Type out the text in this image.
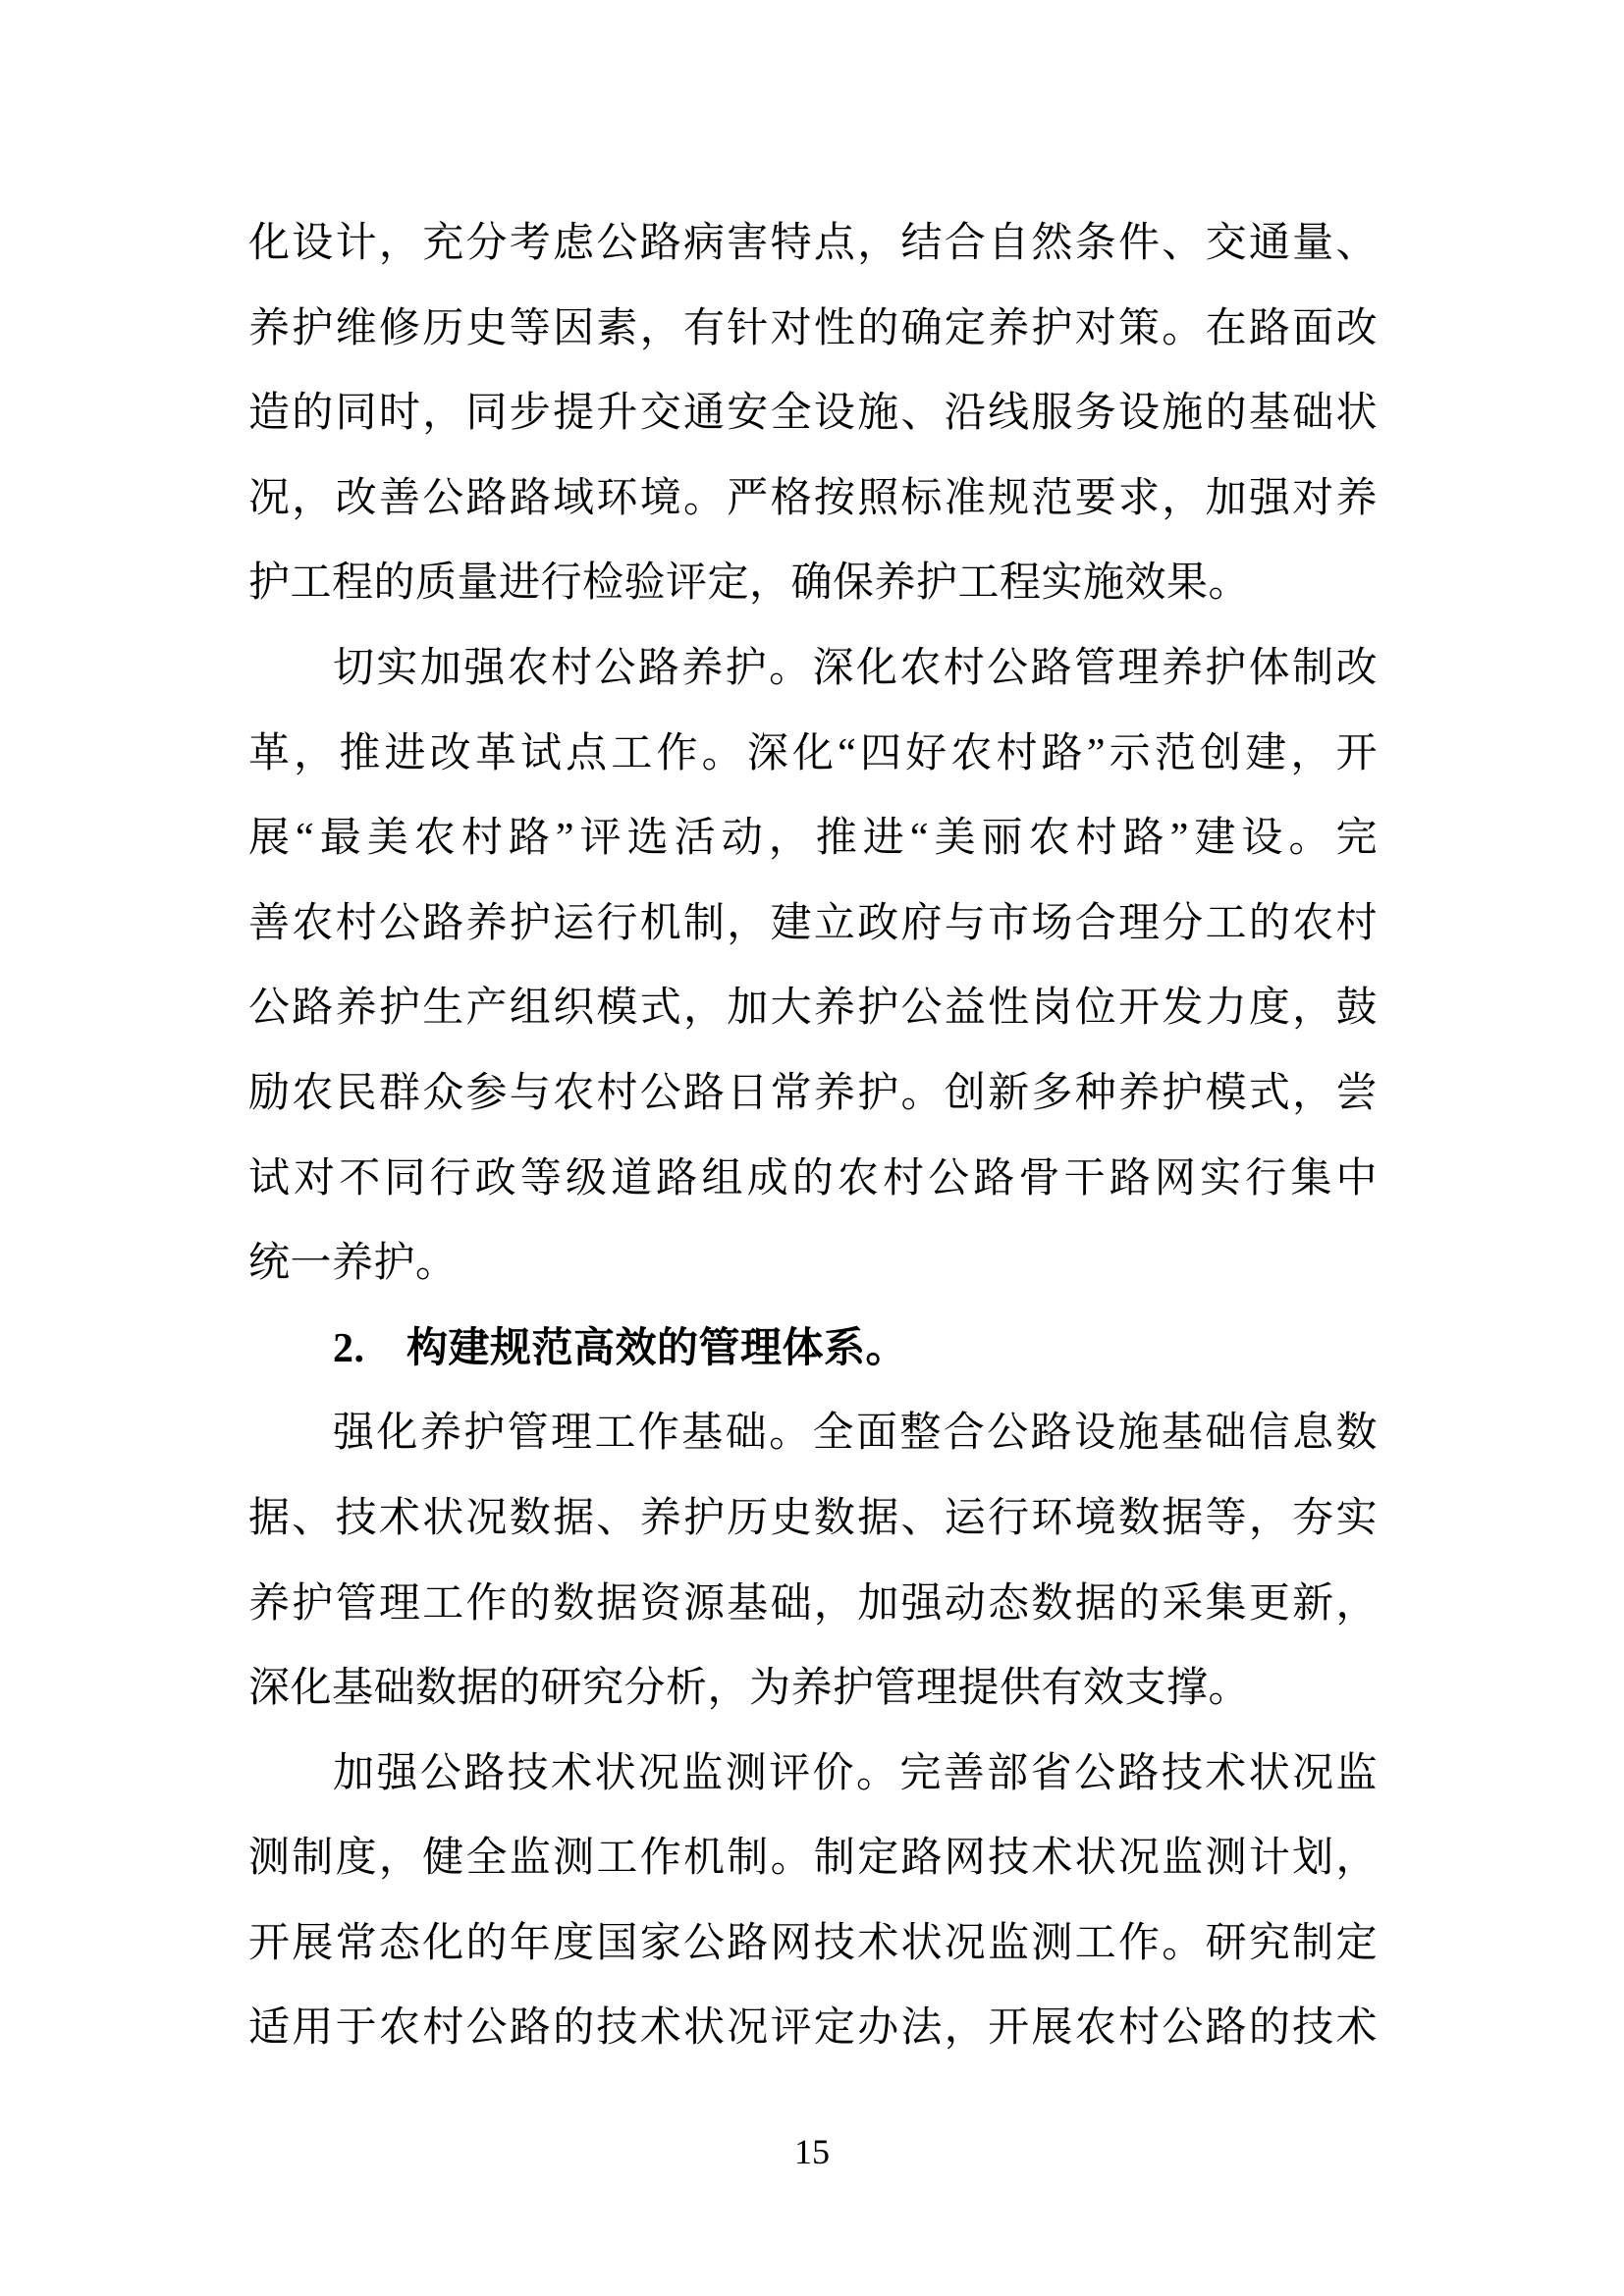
化设计，充分考虑公路病害特点，结合自然条件、交通量、
养护维修历史等因素，有针对性的确定养护对策。在路面改
造的同时，同步提升交通安全设施、沿线服务设施的基础状
况，改善公路路域环境。严格按照标准规范要求，加强对养
护工程的质量进行检验评定，确保养护工程实施效果。
切实加强农村公路养护。深化农村公路管理养护体制改
革，推进改革试点工作。深化“四好农村路”示范创建，开
展“最美农村路”评选活动，推进“美丽农村路”建设。完
善农村公路养护运行机制，建立政府与市场合理分工的农村
公路养护生产组织模式，加大养护公益性岗位开发力度，鼓
励农民群众参与农村公路日常养护。创新多种养护模式，尝
试对不同行政等级道路组成的农村公路骨干路网实行集中
统一养护。
2.　构建规范高效的管理体系。
强化养护管理工作基础。全面整合公路设施基础信息数
据、技术状况数据、养护历史数据、运行环境数据等，夯实
养护管理工作的数据资源基础，加强动态数据的采集更新，
深化基础数据的研究分析，为养护管理提供有效支撑。
加强公路技术状况监测评价。完善部省公路技术状况监
测制度，健全监测工作机制。制定路网技术状况监测计划，
开展常态化的年度国家公路网技术状况监测工作。研究制定
适用于农村公路的技术状况评定办法，开展农村公路的技术
15
